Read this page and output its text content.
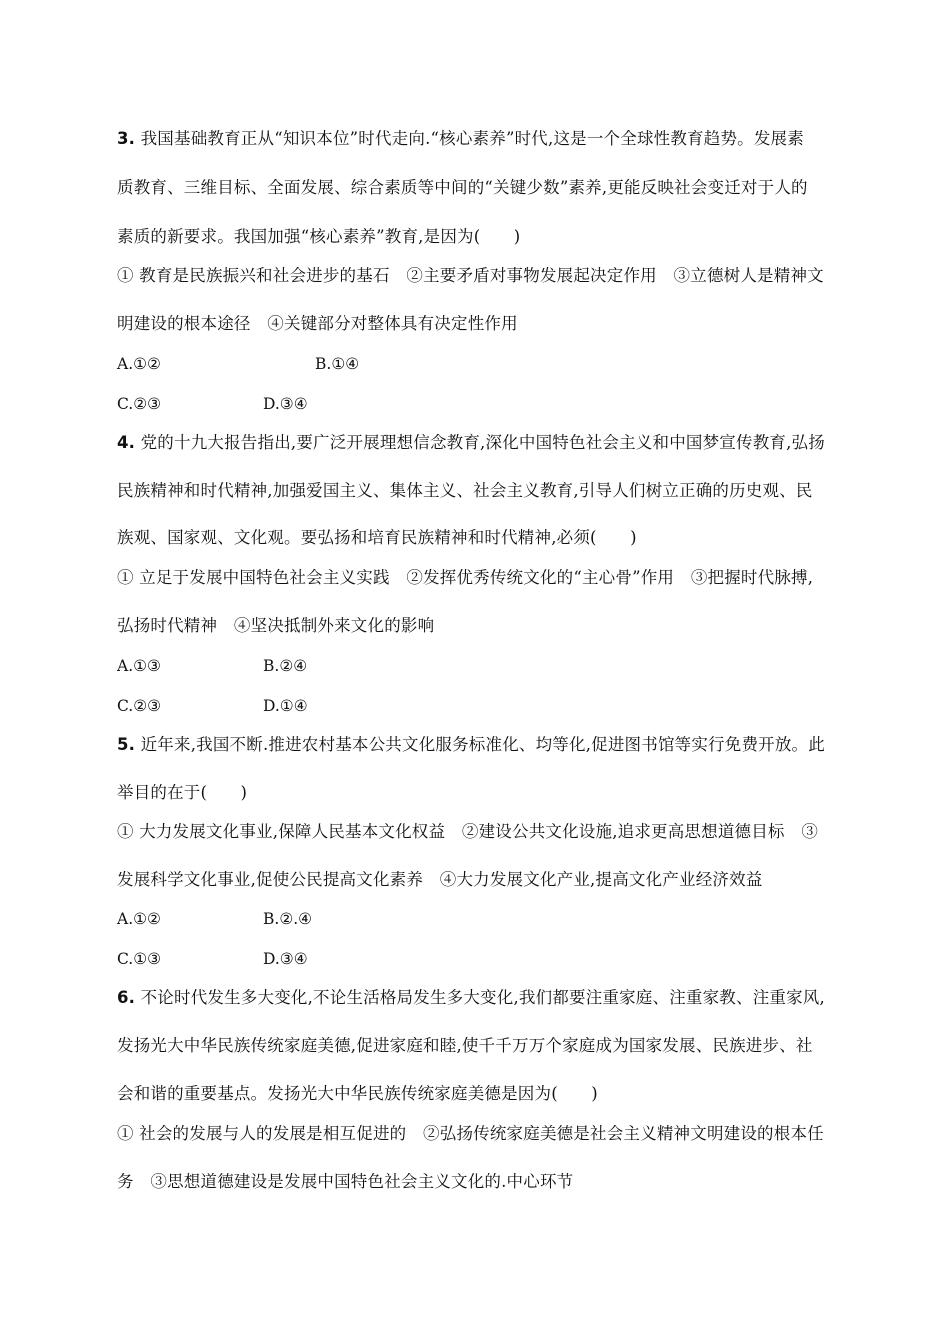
3. 我国基础教育正从“知识本位”时代走向.“核心素养”时代,这是一个全球性教育趋势。发展素
质教育、三维目标、全面发展、综合素质等中间的“关键少数”素养,更能反映社会变迁对于人的
素质的新要求。我国加强“核心素养”教育,是因为(　　)
① 教育是民族振兴和社会进步的基石　②主要矛盾对事物发展起决定作用　③立德树人是精神文
明建设的根本途径　④关键部分对整体具有决定性作用
A.①②	B.①④
C.②③	D.③④
4. 党的十九大报告指出,要广泛开展理想信念教育,深化中国特色社会主义和中国梦宣传教育,弘扬
民族精神和时代精神,加强爱国主义、集体主义、社会主义教育,引导人们树立正确的历史观、民
族观、国家观、文化观。要弘扬和培育民族精神和时代精神,必须(　　)
① 立足于发展中国特色社会主义实践　②发挥优秀传统文化的“主心骨”作用　③把握时代脉搏,
弘扬时代精神　④坚决抵制外来文化的影响
A.①③	B.②④
C.②③	D.①④
5. 近年来,我国不断.推进农村基本公共文化服务标准化、均等化,促进图书馆等实行免费开放。此
举目的在于(　　)
① 大力发展文化事业,保障人民基本文化权益　②建设公共文化设施,追求更高思想道德目标　③
发展科学文化事业,促使公民提高文化素养　④大力发展文化产业,提高文化产业经济效益
A.①②	B.②.④
C.①③	D.③④
6. 不论时代发生多大变化,不论生活格局发生多大变化,我们都要注重家庭、注重家教、注重家风,
发扬光大中华民族传统家庭美德,促进家庭和睦,使千千万万个家庭成为国家发展、民族进步、社
会和谐的重要基点。发扬光大中华民族传统家庭美德是因为(　　)
① 社会的发展与人的发展是相互促进的　②弘扬传统家庭美德是社会主义精神文明建设的根本任
务　③思想道德建设是发展中国特色社会主义文化的.中心环节
